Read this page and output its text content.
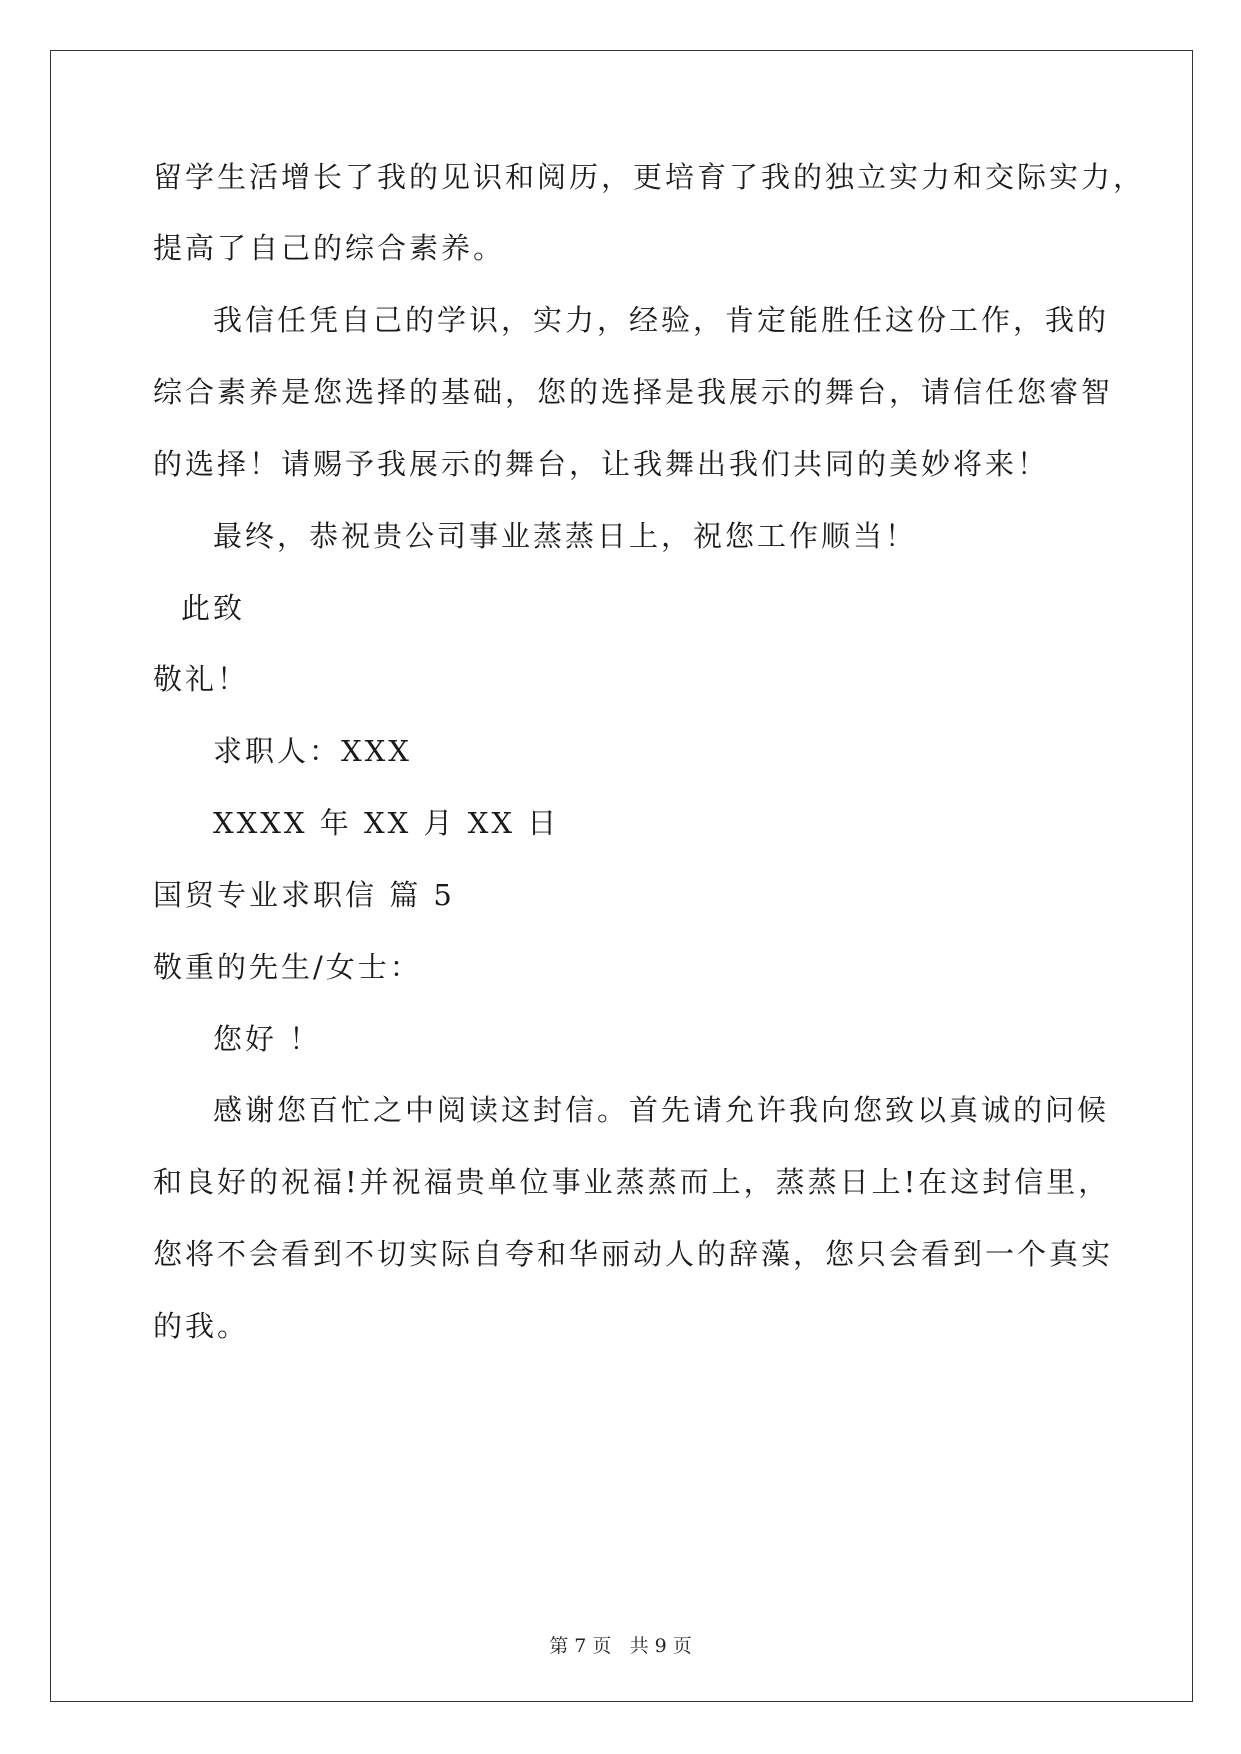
留学生活增长了我的见识和阅历，更培育了我的独立实力和交际实力，
提高了自己的综合素养。
我信任凭自己的学识，实力，经验，肯定能胜任这份工作，我的
综合素养是您选择的基础，您的选择是我展示的舞台，请信任您睿智
的选择！请赐予我展示的舞台，让我舞出我们共同的美妙将来！
最终，恭祝贵公司事业蒸蒸日上，祝您工作顺当！
此致
敬礼！
求职人：XXX
XXXX 年 XX 月 XX 日
国贸专业求职信 篇 5
敬重的先生/女士：
您好 ！
感谢您百忙之中阅读这封信。首先请允许我向您致以真诚的问候
和良好的祝福!并祝福贵单位事业蒸蒸而上，蒸蒸日上!在这封信里，
您将不会看到不切实际自夸和华丽动人的辞藻，您只会看到一个真实
的我。
第 7 页 共 9 页
